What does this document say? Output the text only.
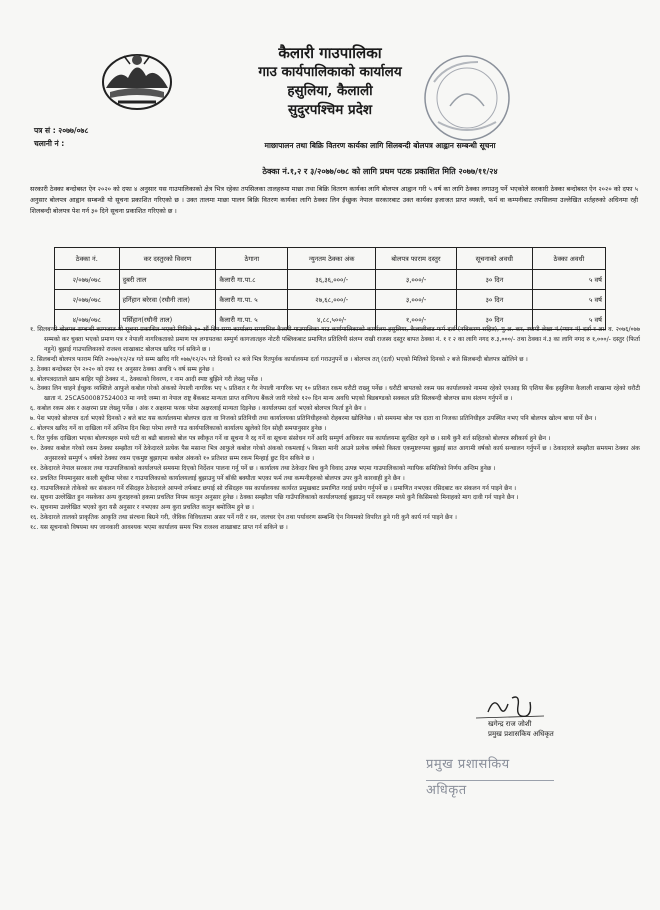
कैलारी गाउपालिका
गाउ कार्यपालिकाको कार्यालय
हसुलिया, कैलाली
सुदुरपश्चिम प्रदेश
पत्र सं : २०७७/०७८
चलानी नं :	माछापालन तथा बिक्रि वितरण कार्यका लागि सिलबन्दी बोलपत्र आह्वान सम्बन्धी सूचना
ठेक्का नं.१,२ र ३/२०७७/०७८ को लागि प्रथम पटक प्रकाशित मिति २०७७/११/२४
सरकारी ठेक्का बन्दोबस्त ऐन २०२० को दफा ४ अनुसार यस गाउपालिकाको क्षेत्र भित्र रहेका तपसिलका तालहरुमा माछा तथा बिक्रि वितरण कार्यका लागि बोलपत्र आह्वान गरी ५ वर्ष का लागि ठेक्का लगाउनु पर्ने भएकोले सरकारी ठेक्का बन्दोबस्त ऐन २०२० को दफा ५ अनुसार बोलपत्र आह्वान सम्बन्धी यो सूचना प्रकाशित गरिएको छ । उक्त तालमा माछा पालन बिक्रि वितरण कार्यका लागि ठेक्का लिन ईच्छुक नेपाल सरकारबाट उक्त कार्यका इजाजत प्राप्त व्यक्ती, फर्म वा कम्पनीबाट तपसिलमा उल्लेखित शर्तहरुको अधिनमा रही शिलबन्दी बोलपत्र पेश गर्न ३० दिने सूचना प्रकाशित गरिएको छ ।
ठेक्का नं.	कर दस्तुरको विवरण	ठेगाना	न्युनतम ठेक्का अंक	बोलपत्र फाराम दस्तुर	सूचनाको अवधी	ठेक्का अवधी
२/०७७/०७८	दुबरी ताल	कैलारी गा.पा.८	३६,३६,०००/-	३,०००/-	३० दिन	५ वर्ष
२/०७७/०७८	हर्निहान बरेरवा (रघौनी ताल)	कैलारी गा.पा. ५	२७,६८,०००/-	३,०००/-	३० दिन	५ वर्ष
४/०७७/०७८	पर्सिहान(रघौनी ताल)	कैलारी गा.पा. ५	४,८८,५००/-	१,०००/-	३० दिन	५ वर्ष

१. सिलबन्दी बोलपत्र सम्बन्धी कागजात यो सूचना प्रकाशित भएको मितिले ३० औं दिन सम्म कार्यालय समयभित्र कैलारी गाउपालिका गाउ कार्यपालिकाको कार्यालय हसुलिया, कैलालीबाट फर्म दर्ता (नविकरण सहित), मु.अ. कर, स्थायी लेखा नं.(प्यान नं) दर्ता र आ. व. २०७६/०७७ सम्मको कर चुक्ता भएको प्रमाण पत्र र नेपाली नागरिकताको प्रमाण पत्र लगायतका सम्पुर्ण कागजातहरु नोटरी पब्लिकबाट प्रमाणित प्रतिलिपी संलग्न राखी राजस्व दस्तुर बापत ठेक्का नं. १ र २ का लागि नगद रु.३,०००/- तथा ठेक्का नं.३ का लागि नगद रु १,०००/- दस्तुर (फिर्ता नहुने) बुझाई गाउपालिकाको राजश्व शाखाबाट बोलपत्र खरिद गर्न सकिने छ ।

२. सिलबन्दी बोलपत्र फाराम मिति २०७७/१२/२४ गते सम्म खरिद गरि ०७७/१२/२५ गते दिनको १२ बजे भित्र रितपुर्वक कार्यालयमा दर्ता गराउनुपर्ने छ । बोलपत्र तत् (दर्ता) भएको मितिको दिनको २ बजे सिलबन्दी बोलपत्र खोलिने छ ।

३. ठेक्का बन्दोबस्त ऐन २०२० को दफा ११ अनुसार ठेक्का अवधि ५ वर्ष सम्म हुनेछ ।

४. बोलपत्रदाताले खाम बाहिर पट्टी ठेक्का नं., ठेक्काको विवरण, र नाम आदी स्पष्ट बुझिने गरी लेख्नु पर्नेछ ।

५. ठेक्का लिन चाहने ईच्छुक व्यक्तिले आफुले कबोल गरेको अंकको नेपाली नागरिक भए ५ प्रतिशत र गैर नेपाली नागरिक भए १० प्रतिशत रकम धरौटी राख्नु पर्नेछ । धरौटी बापतको रकम यस कार्यालयको नाममा रहेको एनआइ सि एशिया बैंक हसुलिया कैलाली शाखामा रहेको धरौटी खाता नं. 25CA500087524003 मा नगदै जम्मा वा नेपाल राष्ट्र बैंकबाट मान्यता प्राप्त वाणिज्य बैंकले जारी गरेको १२० दिन मान्य अवधि भएको बिडबण्डको सक्कल प्रति सिलबन्दी बोलपत्र साथ संलग्न गर्नुपर्ने छ ।

६. कबोल रकम अंक र अक्षरमा प्रष्ट लेख्नु पर्नेछ । अंक र अक्षरमा फरक परेमा अक्षरलाई मान्यता दिइनेछ । कार्यालयमा दर्ता भएको बोलपत्र फिर्ता हुने छैन ।

७. पेश भएको बोलपत्र दर्ता भएको दिनको २ बजे बाट यस कार्यालयमा बोलपत्र दाता वा निजको प्रतिनिधी तथा कार्यालयका प्रतिनिधीहरुको रोहबरमा खोलिनेछ । सो समयमा बोल पत्र दाता वा निजका प्रतिनिधीहरु उपस्थित नभए पनि बोलपत्र खोल्न बाधा पर्ने छैन ।

८. बोलपत्र खरिद गर्ने वा दाखिला गर्ने अन्तिम दिन बिदा परेमा लगत्तै गाउ कार्यपालिकाको कार्यालय खुलेको दिन सोही समयानुसार हुनेछ ।

९. रित पुर्वक दाखिला भएका बोलपत्रहरु मध्ये घटी वा बढी बालाको बोल पत्र स्वीकृत गर्ने वा सूचना नै रद्द गर्ने वा सूचना संसोधन गर्ने आदि सम्पुर्ण अधिकार यस कार्यालयमा सुरक्षित रहने छ । साथै कुनै शर्त सहितको बोलपत्र स्वीकार्य हुने छैन ।

१०. ठेक्का कबोल गरेको रकम ठेक्का सम्झौता गर्ने ठेकेदारले प्रत्येक पैस मसान्त भित्र आफुले कबोल गरेको अंकको रकमलाई ५ किस्ता मानी आउने प्रत्येक वर्षको किस्ता एकमुष्टरुपमा बुझाई सात आगामी वर्षको कार्य सन्चालन गर्नुपर्ने छ । ठेकादारले सम्झौता समयमा ठेक्का अंक अनुसारको सम्पुर्ण ५ वर्षको ठेक्का रकम एकमुष्ट बुझाएमा कबोल अंकको १० प्रतिशत सम्म रकम मिन्हाई छुट दिन सकिने छ ।

११. ठेकेदारले नेपाल सरकार तथा गाउपालिकाको कार्यालयले समयमा दिएको निर्देशन पालना गर्नु पर्ने छ । कार्यालय तथा ठेकेदार बिच कुनै विवाद उत्पन्न भएमा गाउपालिकाको न्यायिक समितिको निर्णय अन्तिम हुनेछ ।

१२. प्रचलित नियमानुसार काली सूचीमा परेका र गाउपालिकाको कार्यालयलाई बुझाउनु पर्ने बाँकी बक्यौता भएका फर्म तथा कम्पनीहरुको बोलपत्र उपर कुनै कारवाही हुने छैन ।

१३. गाउपालिकाले तोकेको कर संकलन गर्ने रसिदहरु ठेकेदारले आफ्नो तर्फबाट छपाई सो रसिदहरु यस कार्यालयका कार्यरत प्रमुखबाट प्रमाणित गराई प्रयोग गर्नुपर्ने छ । प्रमाणित नभएका रसिदबाट कर संकलन गर्न पाइने छैन ।

१४. सूचना उल्लेखित हुन नसकेका अन्य कुराहरुको हकमा प्रचलित नियम कानुन अनुसार हुनेछ । ठेक्का सम्झौता पछि गाउँपालिकाको कार्यालयलाई बुझाउनु पर्ने रकमहरु मध्ये कुनै किसिमको मिनाहको माग दावी गर्न पाइने छैन ।

१५. सूचनामा उल्लेखित भएको कुरा यसै अनुसार र नभएका अन्य कुरा प्रचलित कानुन बमोजिम हुने छ ।

१६. ठेकेदारले तालको प्राकृतिक आकृति तथा संरचना बिग्रने गरी, जैविक विविधतामा असर पर्ने गरी र वन, जलचर ऐन तथा पर्यावरण सम्बन्धि ऐन नियमको विपरित हुने गरी कुनै कार्य गर्न पाइने छैन ।

१८. यस सूचनाको विषयमा थप जानकारी आवश्यक भएमा कार्यालय समय भित्र राजश्व शाखाबाट प्राप्त गर्न सकिने छ ।

खगेन्द्र राज जोशी
प्रमुख प्रशासकिय अधिकृत
प्रमुख प्रशासकिय अधिकृत
